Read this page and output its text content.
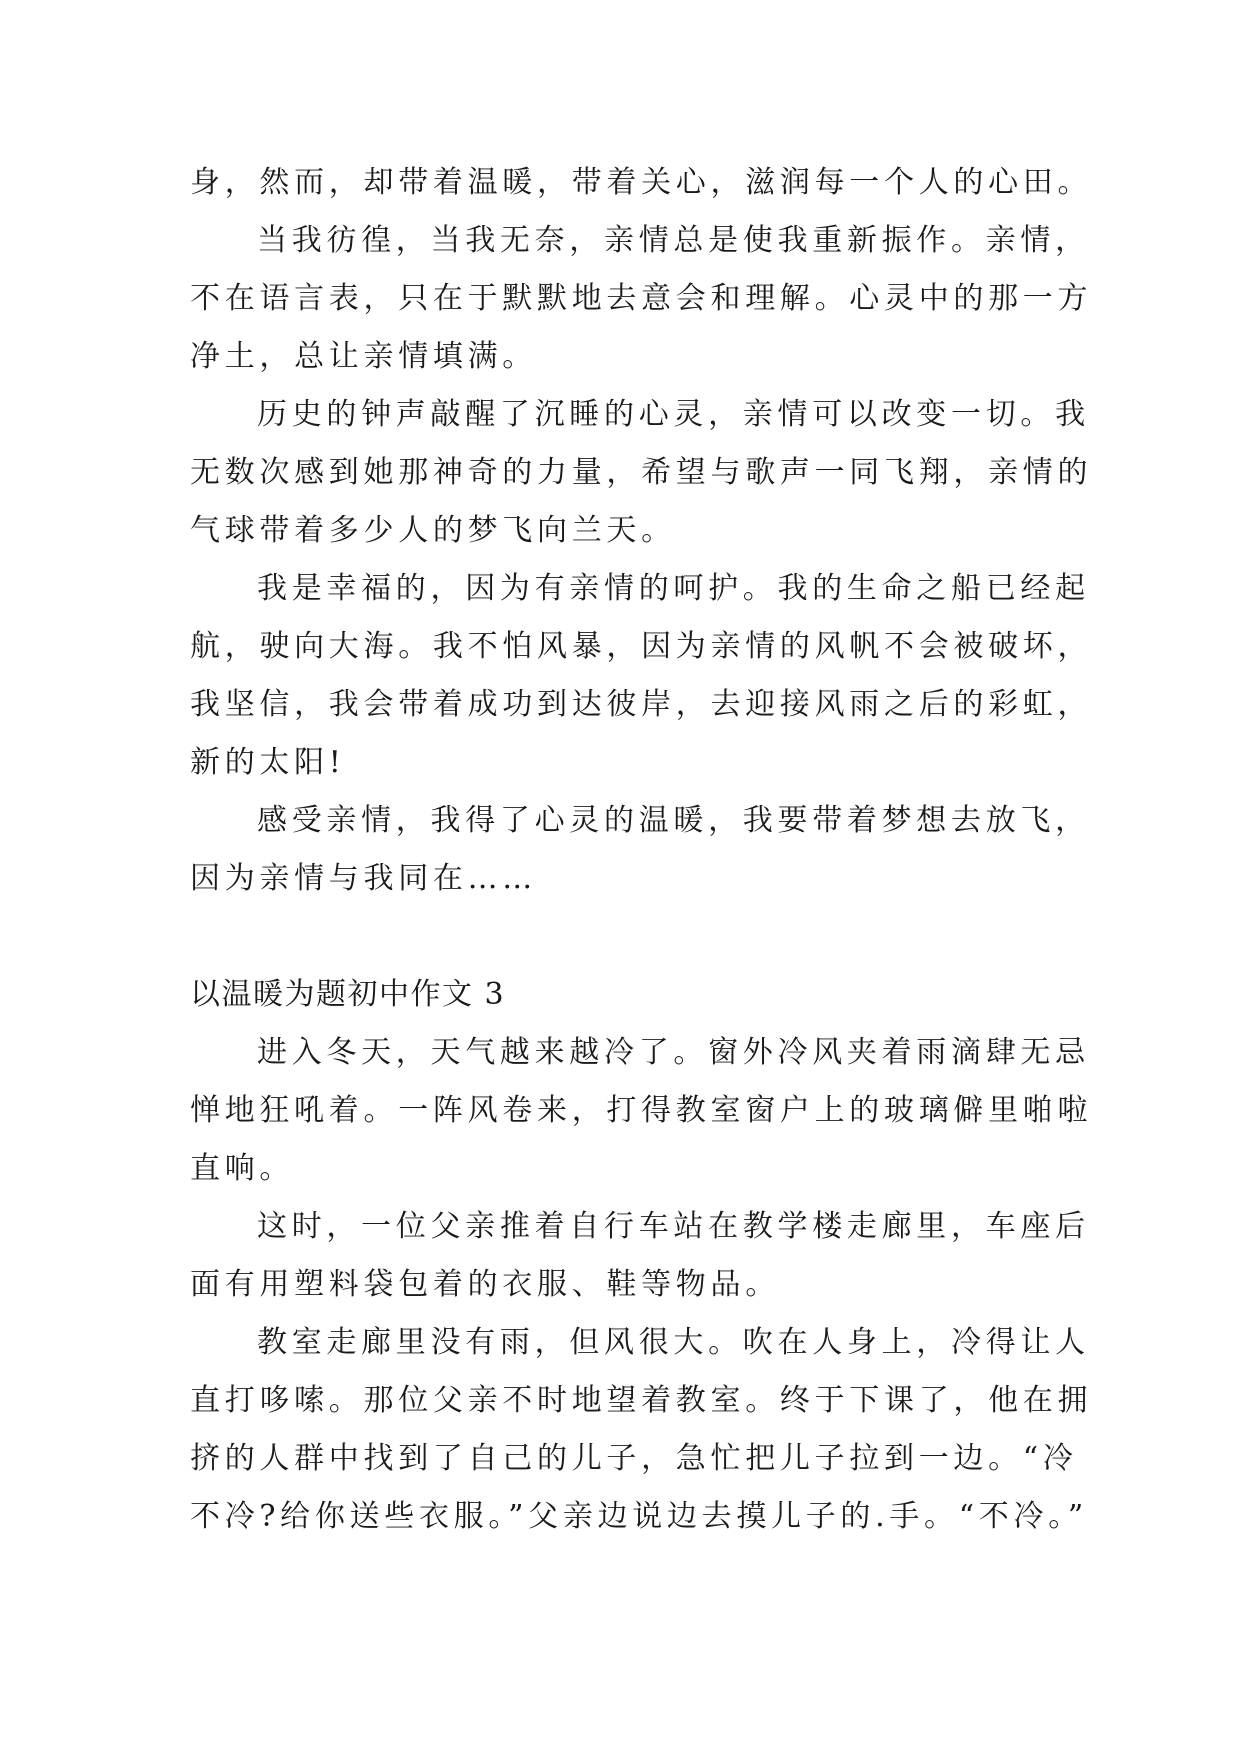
身，然而，却带着温暖，带着关心，滋润每一个人的心田。
当我彷徨，当我无奈，亲情总是使我重新振作。亲情，
不在语言表，只在于默默地去意会和理解。心灵中的那一方
净土，总让亲情填满。
历史的钟声敲醒了沉睡的心灵，亲情可以改变一切。我
无数次感到她那神奇的力量，希望与歌声一同飞翔，亲情的
气球带着多少人的梦飞向兰天。
我是幸福的，因为有亲情的呵护。我的生命之船已经起
航，驶向大海。我不怕风暴，因为亲情的风帆不会被破坏，
我坚信，我会带着成功到达彼岸，去迎接风雨之后的彩虹，
新的太阳!
感受亲情，我得了心灵的温暖，我要带着梦想去放飞，
因为亲情与我同在……
以温暖为题初中作文 3
进入冬天，天气越来越冷了。窗外冷风夹着雨滴肆无忌
惮地狂吼着。一阵风卷来，打得教室窗户上的玻璃僻里啪啦
直响。
这时，一位父亲推着自行车站在教学楼走廊里，车座后
面有用塑料袋包着的衣服、鞋等物品。
教室走廊里没有雨，但风很大。吹在人身上，冷得让人
直打哆嗦。那位父亲不时地望着教室。终于下课了，他在拥
挤的人群中找到了自己的儿子，急忙把儿子拉到一边。“冷
不冷?给你送些衣服。”父亲边说边去摸儿子的.手。“不冷。”
